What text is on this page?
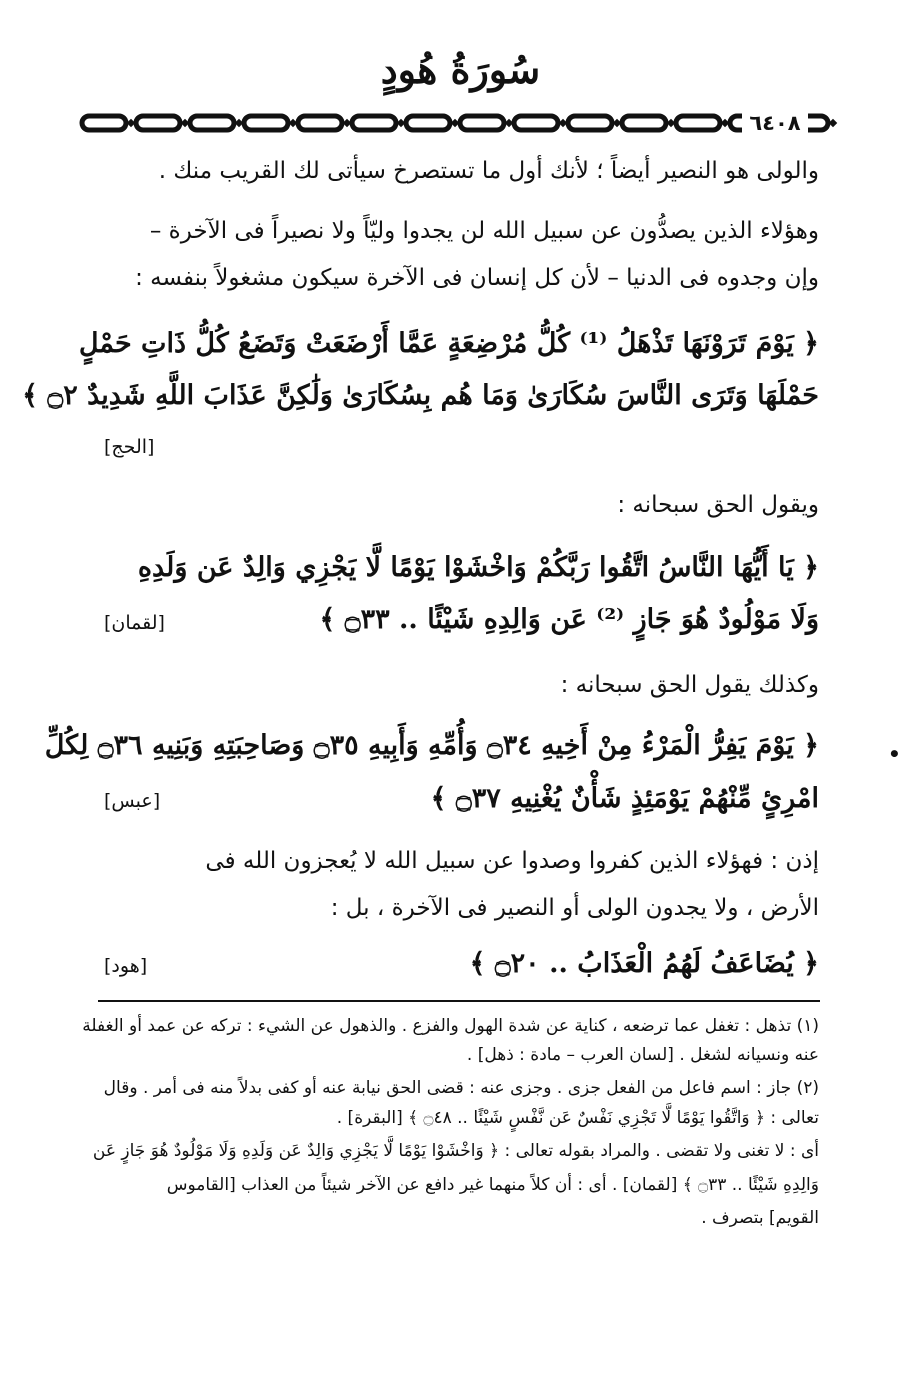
سُورَةُ هُودٍ
٦٤٠٨
والولى هو النصير أيضاً ؛ لأنك أول ما تستصرخ سيأتى لك القريب منك .
وهؤلاء الذين يصدُّون عن سبيل الله لن يجدوا وليّاً ولا نصيراً فى الآخرة –
وإن وجدوه فى الدنيا – لأن كل إنسان فى الآخرة سيكون مشغولاً بنفسه :
﴿ يَوْمَ تَرَوْنَهَا تَذْهَلُ ⁽¹⁾ كُلُّ مُرْضِعَةٍ عَمَّا أَرْضَعَتْ وَتَضَعُ كُلُّ ذَاتِ حَمْلٍ
حَمْلَهَا وَتَرَى النَّاسَ سُكَارَىٰ وَمَا هُم بِسُكَارَىٰ وَلَٰكِنَّ عَذَابَ اللَّهِ شَدِيدٌ ۝٢ ﴾
[الحج]
ويقول الحق سبحانه :
﴿ يَا أَيُّهَا النَّاسُ اتَّقُوا رَبَّكُمْ وَاخْشَوْا يَوْمًا لَّا يَجْزِي وَالِدٌ عَن وَلَدِهِ
وَلَا مَوْلُودٌ هُوَ جَازٍ ⁽²⁾ عَن وَالِدِهِ شَيْئًا .. ۝٣٣ ﴾
[لقمان]
وكذلك يقول الحق سبحانه :
﴿ يَوْمَ يَفِرُّ الْمَرْءُ مِنْ أَخِيهِ ۝٣٤ وَأُمِّهِ وَأَبِيهِ ۝٣٥ وَصَاحِبَتِهِ وَبَنِيهِ ۝٣٦ لِكُلِّ
امْرِئٍ مِّنْهُمْ يَوْمَئِذٍ شَأْنٌ يُغْنِيهِ ۝٣٧ ﴾
[عبس]
•
إذن : فهؤلاء الذين كفروا وصدوا عن سبيل الله لا يُعجزون الله فى
الأرض ، ولا يجدون الولى أو النصير فى الآخرة ، بل :
﴿ يُضَاعَفُ لَهُمُ الْعَذَابُ .. ۝٢٠ ﴾
[هود]
(١) تذهل : تغفل عما ترضعه ، كناية عن شدة الهول والفزع . والذهول عن الشيء : تركه عن عمد أو الغفلة
عنه ونسيانه لشغل . [لسان العرب – مادة : ذهل] .
(٢) جاز : اسم فاعل من الفعل جزى . وجزى عنه : قضى الحق نيابة عنه أو كفى بدلاً منه فى أمر . وقال
تعالى : ﴿ وَاتَّقُوا يَوْمًا لَّا تَجْزِي نَفْسٌ عَن نَّفْسٍ شَيْئًا .. ۝٤٨ ﴾ [البقرة] .
أى : لا تغنى ولا تقضى . والمراد بقوله تعالى : ﴿ وَاخْشَوْا يَوْمًا لَّا يَجْزِي وَالِدٌ عَن وَلَدِهِ وَلَا مَوْلُودٌ هُوَ جَازٍ عَن
وَالِدِهِ شَيْئًا .. ۝٣٣ ﴾ [لقمان] . أى : أن كلاً منهما غير دافع عن الآخر شيئاً من العذاب [القاموس
القويم] بتصرف .
